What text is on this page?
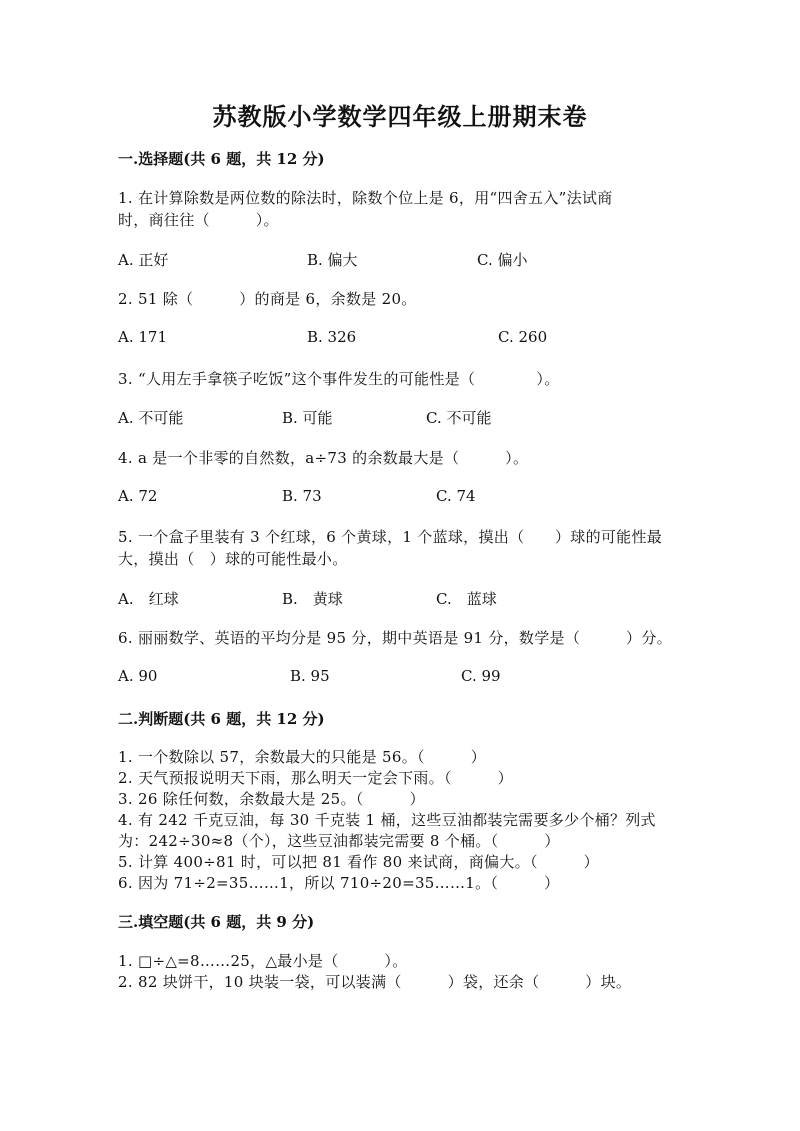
苏教版小学数学四年级上册期末卷
一.选择题(共 6 题，共 12 分)
1. 在计算除数是两位数的除法时，除数个位上是 6，用“四舍五入”法试商
时，商往往（　　　）。
A. 正好	B. 偏大	C. 偏小
2. 51 除（　　　）的商是 6，余数是 20。
A. 171	B. 326	C. 260
3. “人用左手拿筷子吃饭”这个事件发生的可能性是（　　　　）。
A. 不可能	B. 可能	C. 不可能
4. a 是一个非零的自然数，a÷73 的余数最大是（　　　）。
A. 72	B. 73	C. 74
5. 一个盒子里装有 3 个红球，6 个黄球，1 个蓝球，摸出（　　）球的可能性最
大，摸出（　）球的可能性最小。
A.　红球	B.　黄球	C.　蓝球
6. 丽丽数学、英语的平均分是 95 分，期中英语是 91 分，数学是（　　　）分。
A. 90	B. 95	C. 99
二.判断题(共 6 题，共 12 分)
1. 一个数除以 57，余数最大的只能是 56。（　　　）
2. 天气预报说明天下雨，那么明天一定会下雨。（　　　）
3. 26 除任何数，余数最大是 25。（　　　）
4. 有 242 千克豆油，每 30 千克装 1 桶，这些豆油都装完需要多少个桶？列式
为：242÷30≈8（个），这些豆油都装完需要 8 个桶。（　　　）
5. 计算 400÷81 时，可以把 81 看作 80 来试商，商偏大。（　　　）
6. 因为 71÷2=35……1，所以 710÷20=35……1。（　　　）
三.填空题(共 6 题，共 9 分)
1. □÷△=8……25，△最小是（　　　）。
2. 82 块饼干，10 块装一袋，可以装满（　　　）袋，还余（　　　）块。
